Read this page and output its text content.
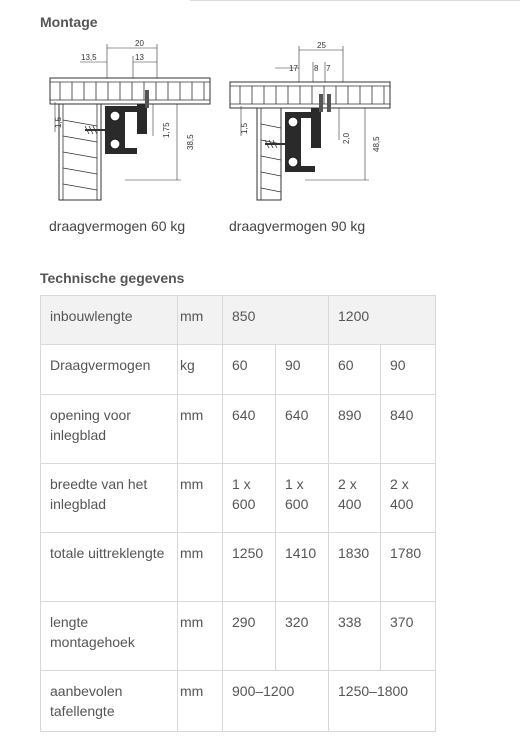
Montage
20
13,5	13
1,5	1,75
38,5
25
17 8 7
1,5
2,0	48,5
draagvermogen 60 kg	draagvermogen 90 kg
Technische gegevens
inbouwlengte	mm	850		1200	
Draagvermogen	kg	60	90	60	90
opening voor inlegblad	mm	640	640	890	840
breedte van het inlegblad	mm	1 x 600	1 x 600	2 x 400	2 x 400
totale uittreklengte	mm	1250	1410	1830	1780
lengte montagehoek	mm	290	320	338	370
aanbevolen tafellengte	mm	900–1200		1250–1800	
